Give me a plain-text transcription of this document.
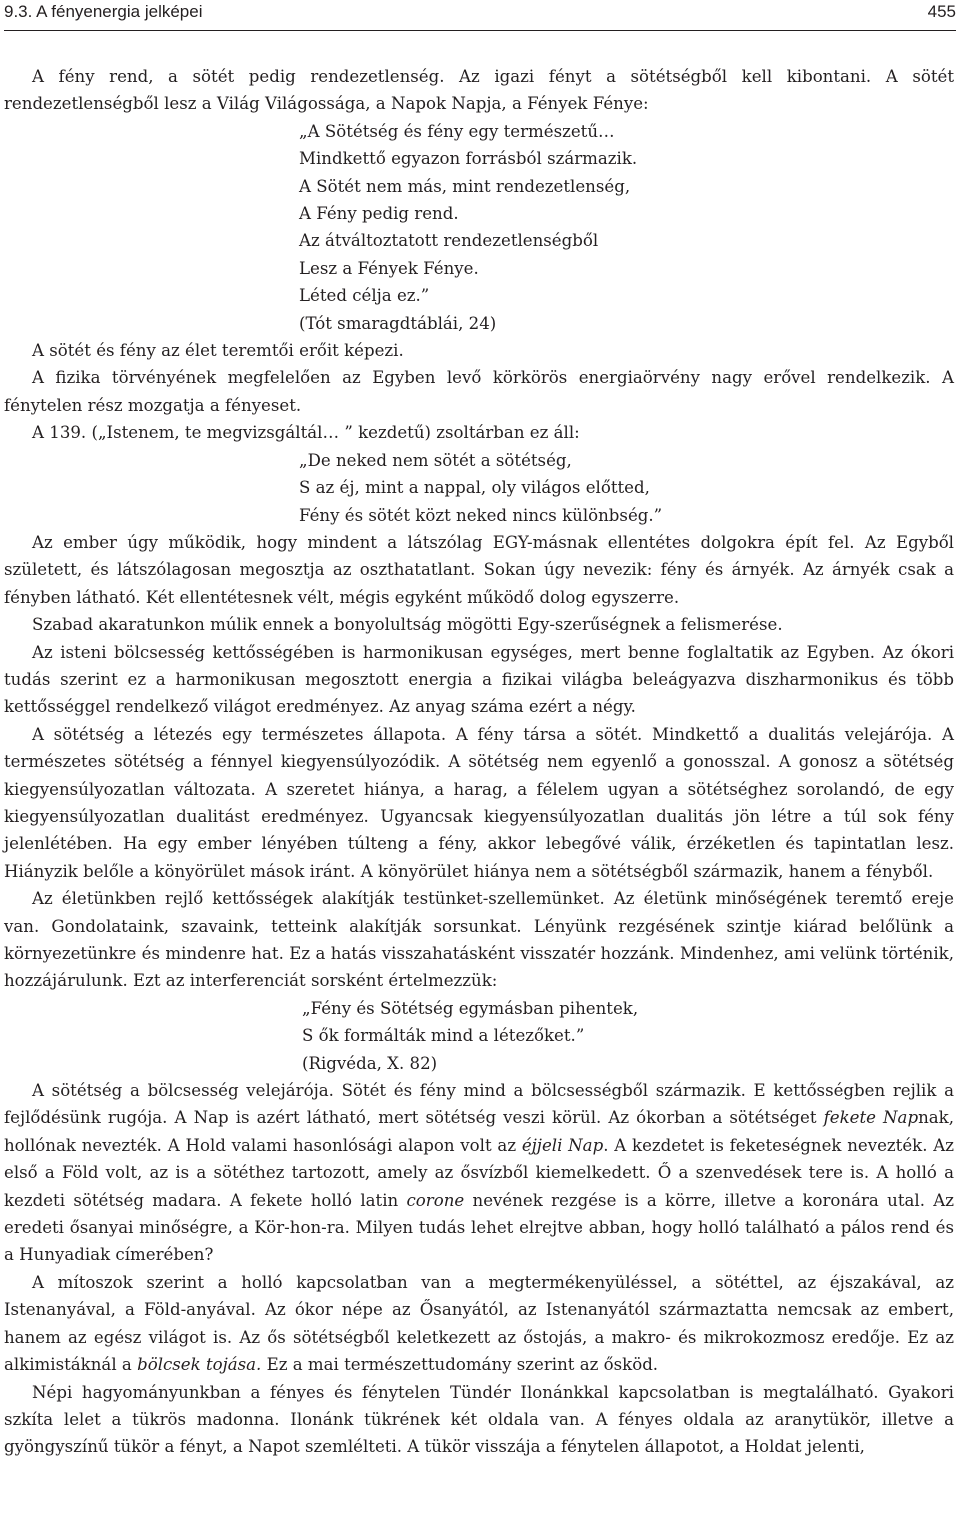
9.3. A fényenergia jelképei	455

A fény rend, a sötét pedig rendezetlenség. Az igazi fényt a sötétségből kell kibontani. A sötét rendezetlenségből lesz a Világ Világossága, a Napok Napja, a Fények Fénye:

„A Sötétség és fény egy természetű…

Mindkettő egyazon forrásból származik.

A Sötét nem más, mint rendezetlenség,

A Fény pedig rend.

Az átváltoztatott rendezetlenségből

Lesz a Fények Fénye.

Léted célja ez.”

(Tót smaragdtáblái, 24)

A sötét és fény az élet teremtői erőit képezi.

A fizika törvényének megfelelően az Egyben levő körkörös energiaörvény nagy erővel rendelkezik. A fénytelen rész mozgatja a fényeset.

A 139. („Istenem, te megvizsgáltál… ” kezdetű) zsoltárban ez áll:

„De neked nem sötét a sötétség,

S az éj, mint a nappal, oly világos előtted,

Fény és sötét közt neked nincs különbség.”

Az ember úgy működik, hogy mindent a látszólag EGY-másnak ellentétes dolgokra épít fel. Az Egyből született, és látszólagosan megosztja az oszthatatlant. Sokan úgy nevezik: fény és árnyék. Az árnyék csak a fényben látható. Két ellentétesnek vélt, mégis egyként működő dolog egyszerre.

Szabad akaratunkon múlik ennek a bonyolultság mögötti Egy-szerűségnek a felismerése.

Az isteni bölcsesség kettősségében is harmonikusan egységes, mert benne foglaltatik az Egyben. Az ókori tudás szerint ez a harmonikusan megosztott energia a fizikai világba beleágyazva diszharmonikus és több kettősséggel rendelkező világot eredményez. Az anyag száma ezért a négy.

A sötétség a létezés egy természetes állapota. A fény társa a sötét. Mindkettő a dualitás velejárója. A természetes sötétség a fénnyel kiegyensúlyozódik. A sötétség nem egyenlő a gonosszal. A gonosz a sötétség kiegyensúlyozatlan változata. A szeretet hiánya, a harag, a félelem ugyan a sötétséghez sorolandó, de egy kiegyensúlyozatlan dualitást eredményez. Ugyancsak kiegyensúlyozatlan dualitás jön létre a túl sok fény jelenlétében. Ha egy ember lényében túlteng a fény, akkor lebegővé válik, érzéketlen és tapintatlan lesz. Hiányzik belőle a könyörület mások iránt. A könyörület hiánya nem a sötétségből származik, hanem a fényből.

Az életünkben rejlő kettősségek alakítják testünket-szellemünket. Az életünk minőségének teremtő ereje van. Gondolataink, szavaink, tetteink alakítják sorsunkat. Lényünk rezgésének szintje kiárad belőlünk a környezetünkre és mindenre hat. Ez a hatás visszahatásként visszatér hozzánk. Mindenhez, ami velünk történik, hozzájárulunk. Ezt az interferenciát sorsként értelmezzük:

„Fény és Sötétség egymásban pihentek,

S ők formálták mind a létezőket.”

(Rigvéda, X. 82)

A sötétség a bölcsesség velejárója. Sötét és fény mind a bölcsességből származik. E kettősségben rejlik a fejlődésünk rugója. A Nap is azért látható, mert sötétség veszi körül. Az ókorban a sötétséget fekete Napnak, hollónak nevezték. A Hold valami hasonlósági alapon volt az éjjeli Nap. A kezdetet is feketeségnek nevezték. Az első a Föld volt, az is a sötéthez tartozott, amely az ősvízből kiemelkedett. Ő a szenvedések tere is. A holló a kezdeti sötétség madara. A fekete holló latin corone nevének rezgése is a körre, illetve a koronára utal. Az eredeti ősanyai minőségre, a Kör-hon-ra. Milyen tudás lehet elrejtve abban, hogy holló található a pálos rend és a Hunyadiak címerében?

A mítoszok szerint a holló kapcsolatban van a megtermékenyüléssel, a sötéttel, az éjszakával, az Istenanyával, a Föld-anyával. Az ókor népe az Ősanyától, az Istenanyától származtatta nemcsak az embert, hanem az egész világot is. Az ős sötétségből keletkezett az őstojás, a makro- és mikrokozmosz eredője. Ez az alkimistáknál a bölcsek tojása. Ez a mai természettudomány szerint az ősköd.

Népi hagyományunkban a fényes és fénytelen Tündér Ilonánkkal kapcsolatban is megtalálható. Gyakori szkíta lelet a tükrös madonna. Ilonánk tükrének két oldala van. A fényes oldala az aranytükör, illetve a gyöngyszínű tükör a fényt, a Napot szemlélteti. A tükör visszája a fénytelen állapotot, a Holdat jelenti,
